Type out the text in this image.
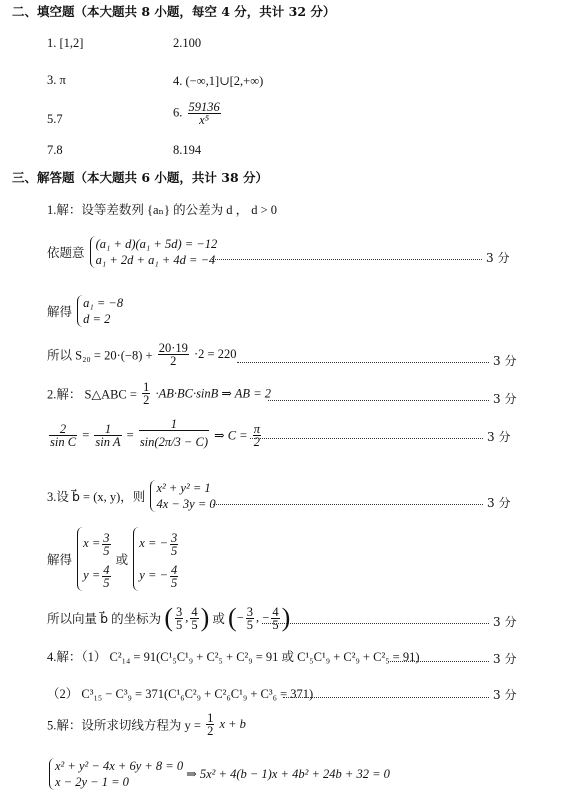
二、填空题（本大题共 8 小题，每空 4 分，共计 32 分）
1. [1,2]	2.100
3. π	4. (−∞,1]∪[2,+∞)
5.7	6. $\frac{59136}{\text{x⁵}}$
7.8	8.194
三、解答题（本大题共 6 小题，共计 38 分）
1.解：设等差数列 {aₙ} 的公差为 d ， d > 0
依题意
(a₁ + d)(a₁ + 5d) = −12
a₁ + 2d + a₁ + 4d = −4	3 分
解得
a₁ = −8
d = 2
所以 $S_{20} = 20\cdot(-8) + \frac{20\cdot 19}{2} \cdot 2 = 220$	3 分
2.解： S△ABC = $\frac{1}{2} \cdot AB\cdot BC\cdot\sin B$ ⇒ AB = 2	3 分
$\frac{2}{\text{sin C}} = \frac{1}{\text{sin A}} = \frac{1}{\sin(2\pi/3 - C)}$ ⇒ $C = \frac{\pi}{2}$	3 分
3.设 b⃗ = (x, y)，则
x² + y² = 1
4x − 3y = 0	3 分
解得
$x = \frac{3}{5}$
$y = \frac{4}{5}$
或
x = − $\frac{3}{5}$
y = − $\frac{4}{5}$
所以向量 b⃗ 的坐标为 ( $\frac{3}{5}$ , $\frac{4}{5}$ ) 或 (− $\frac{3}{5}$ , − $\frac{4}{5}$ )	3 分
4.解：（1） C²₁₄ = 91(C¹₅C¹₉ + C²₅ + C²₉ = 91 或 C¹₅C¹₉ + C²₉ + C²₅ = 91)	3 分
（2） C³₁₅ − C³₉ = 371(C¹₆C²₉ + C²₆C¹₉ + C³₆ = 371)	3 分
5.解：设所求切线方程为 $y = \frac{1}{2}$ x + b
x² + y² − 4x + 6y + 8 = 0
x − 2y − 1 = 0
⇒ 5x² + 4(b − 1)x + 4b² + 24b + 32 = 0
